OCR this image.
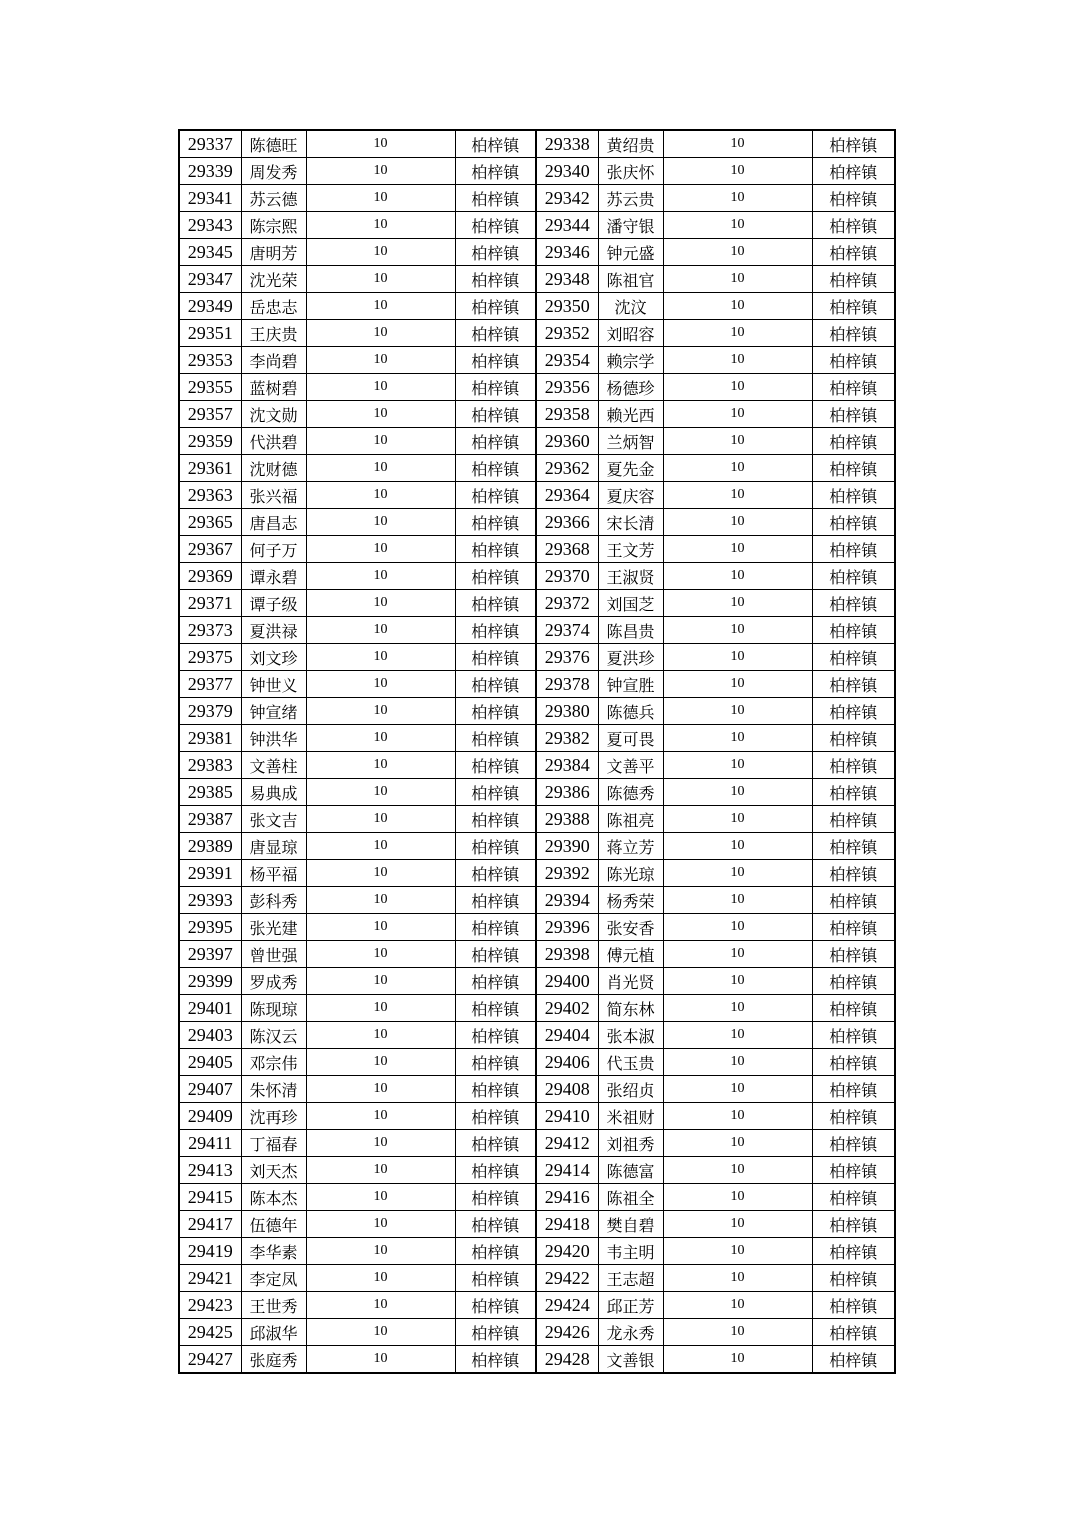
29337	陈德旺	10	柏梓镇	29338	黄绍贵	10	柏梓镇
29339	周发秀	10	柏梓镇	29340	张庆怀	10	柏梓镇
29341	苏云德	10	柏梓镇	29342	苏云贵	10	柏梓镇
29343	陈宗熙	10	柏梓镇	29344	潘守银	10	柏梓镇
29345	唐明芳	10	柏梓镇	29346	钟元盛	10	柏梓镇
29347	沈光荣	10	柏梓镇	29348	陈祖官	10	柏梓镇
29349	岳忠志	10	柏梓镇	29350	沈汶	10	柏梓镇
29351	王庆贵	10	柏梓镇	29352	刘昭容	10	柏梓镇
29353	李尚碧	10	柏梓镇	29354	赖宗学	10	柏梓镇
29355	蓝树碧	10	柏梓镇	29356	杨德珍	10	柏梓镇
29357	沈文勋	10	柏梓镇	29358	赖光西	10	柏梓镇
29359	代洪碧	10	柏梓镇	29360	兰炳智	10	柏梓镇
29361	沈财德	10	柏梓镇	29362	夏先金	10	柏梓镇
29363	张兴福	10	柏梓镇	29364	夏庆容	10	柏梓镇
29365	唐昌志	10	柏梓镇	29366	宋长清	10	柏梓镇
29367	何子万	10	柏梓镇	29368	王文芳	10	柏梓镇
29369	谭永碧	10	柏梓镇	29370	王淑贤	10	柏梓镇
29371	谭子级	10	柏梓镇	29372	刘国芝	10	柏梓镇
29373	夏洪禄	10	柏梓镇	29374	陈昌贵	10	柏梓镇
29375	刘文珍	10	柏梓镇	29376	夏洪珍	10	柏梓镇
29377	钟世义	10	柏梓镇	29378	钟宣胜	10	柏梓镇
29379	钟宣绪	10	柏梓镇	29380	陈德兵	10	柏梓镇
29381	钟洪华	10	柏梓镇	29382	夏可畏	10	柏梓镇
29383	文善柱	10	柏梓镇	29384	文善平	10	柏梓镇
29385	易典成	10	柏梓镇	29386	陈德秀	10	柏梓镇
29387	张文吉	10	柏梓镇	29388	陈祖亮	10	柏梓镇
29389	唐显琼	10	柏梓镇	29390	蒋立芳	10	柏梓镇
29391	杨平福	10	柏梓镇	29392	陈光琼	10	柏梓镇
29393	彭科秀	10	柏梓镇	29394	杨秀荣	10	柏梓镇
29395	张光建	10	柏梓镇	29396	张安香	10	柏梓镇
29397	曾世强	10	柏梓镇	29398	傅元植	10	柏梓镇
29399	罗成秀	10	柏梓镇	29400	肖光贤	10	柏梓镇
29401	陈现琼	10	柏梓镇	29402	简东林	10	柏梓镇
29403	陈汉云	10	柏梓镇	29404	张本淑	10	柏梓镇
29405	邓宗伟	10	柏梓镇	29406	代玉贵	10	柏梓镇
29407	朱怀清	10	柏梓镇	29408	张绍贞	10	柏梓镇
29409	沈再珍	10	柏梓镇	29410	米祖财	10	柏梓镇
29411	丁福春	10	柏梓镇	29412	刘祖秀	10	柏梓镇
29413	刘天杰	10	柏梓镇	29414	陈德富	10	柏梓镇
29415	陈本杰	10	柏梓镇	29416	陈祖全	10	柏梓镇
29417	伍德年	10	柏梓镇	29418	樊自碧	10	柏梓镇
29419	李华素	10	柏梓镇	29420	韦主明	10	柏梓镇
29421	李定凤	10	柏梓镇	29422	王志超	10	柏梓镇
29423	王世秀	10	柏梓镇	29424	邱正芳	10	柏梓镇
29425	邱淑华	10	柏梓镇	29426	龙永秀	10	柏梓镇
29427	张庭秀	10	柏梓镇	29428	文善银	10	柏梓镇
